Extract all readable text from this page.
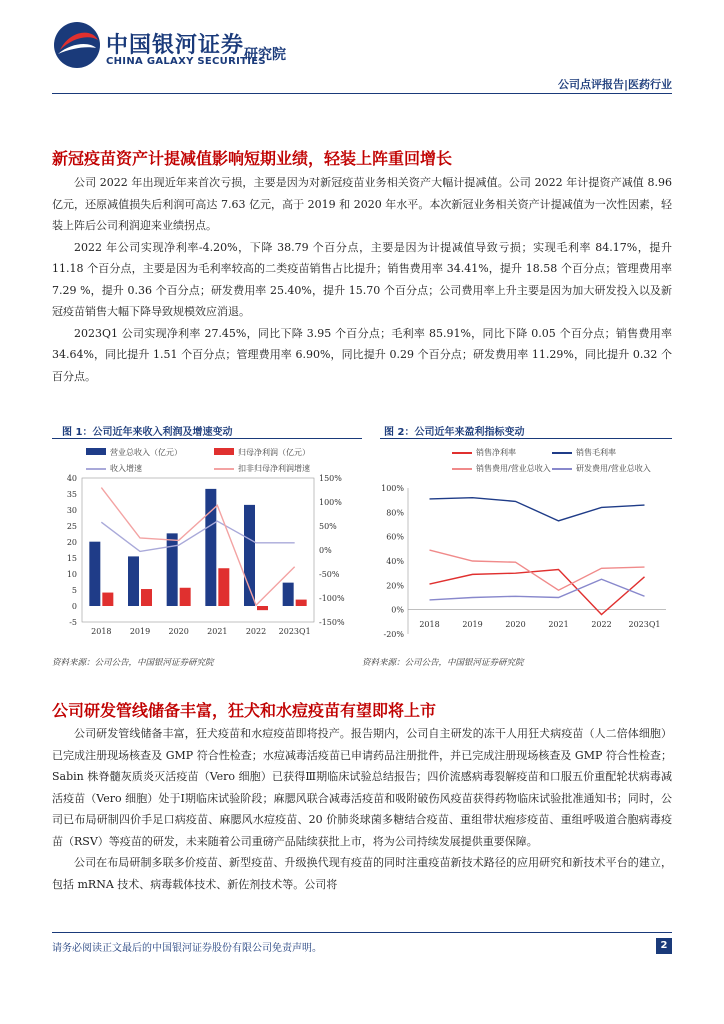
中国银河证券
CHINA GALAXY SECURITIES
研究院
公司点评报告|医药行业
新冠疫苗资产计提减值影响短期业绩，轻装上阵重回增长

公司 2022 年出现近年来首次亏损，主要是因为对新冠疫苗业务相关资产大幅计提减值。公司 2022 年计提资产减值 8.96 亿元，还原减值损失后利润可高达 7.63 亿元，高于 2019 和 2020 年水平。本次新冠业务相关资产计提减值为一次性因素，轻装上阵后公司利润迎来业绩拐点。

2022 年公司实现净利率-4.20%，下降 38.79 个百分点，主要是因为计提减值导致亏损；实现毛利率 84.17%，提升 11.18 个百分点，主要是因为毛利率较高的二类疫苗销售占比提升；销售费用率 34.41%，提升 18.58 个百分点；管理费用率 7.29 %，提升 0.36 个百分点；研发费用率 25.40%，提升 15.70 个百分点；公司费用率上升主要是因为加大研发投入以及新冠疫苗销售大幅下降导致规模效应消退。

2023Q1 公司实现净利率 27.45%，同比下降 3.95 个百分点；毛利率 85.91%，同比下降 0.05 个百分点；销售费用率 34.64%，同比提升 1.51 个百分点；管理费用率 6.90%，同比提升 0.29 个百分点；研发费用率 11.29%，同比提升 0.32 个百分点。

图 1：公司近年来收入利润及增速变动
营业总收入（亿元）	归母净利润（亿元）
收入增速	扣非归母净利润增速
-5
0
5
10
15
20
25
30
35
40
-150%
-100%
-50%
0%
50%
100%
150%
2018 2019 2020 2021 2022 2023Q1
资料来源：公司公告，中国银河证券研究院
图 2：公司近年来盈利指标变动
销售净利率	销售毛利率
销售费用/营业总收入	研发费用/营业总收入
-20%
0%
20%
40%
60%
80%
100%
2018	2019	2020	2021	2022 2023Q1
资料来源：公司公告，中国银河证券研究院
公司研发管线储备丰富，狂犬和水痘疫苗有望即将上市

公司研发管线储备丰富，狂犬疫苗和水痘疫苗即将投产。报告期内，公司自主研发的冻干人用狂犬病疫苗（人二倍体细胞）已完成注册现场核查及 GMP 符合性检查；水痘减毒活疫苗已申请药品注册批件，并已完成注册现场核查及 GMP 符合性检查；Sabin 株脊髓灰质炎灭活疫苗（Vero 细胞）已获得Ⅲ期临床试验总结报告；四价流感病毒裂解疫苗和口服五价重配轮状病毒减活疫苗（Vero 细胞）处于Ⅰ期临床试验阶段；麻腮风联合减毒活疫苗和吸附破伤风疫苗获得药物临床试验批准通知书；同时，公司已布局研制四价手足口病疫苗、麻腮风水痘疫苗、20 价肺炎球菌多糖结合疫苗、重组带状疱疹疫苗、重组呼吸道合胞病毒疫苗（RSV）等疫苗的研发，未来随着公司重磅产品陆续获批上市，将为公司持续发展提供重要保障。

公司在布局研制多联多价疫苗、新型疫苗、升级换代现有疫苗的同时注重疫苗新技术路径的应用研究和新技术平台的建立，包括 mRNA 技术、病毒载体技术、新佐剂技术等。公司将

请务必阅读正文最后的中国银河证券股份有限公司免责声明。	2
